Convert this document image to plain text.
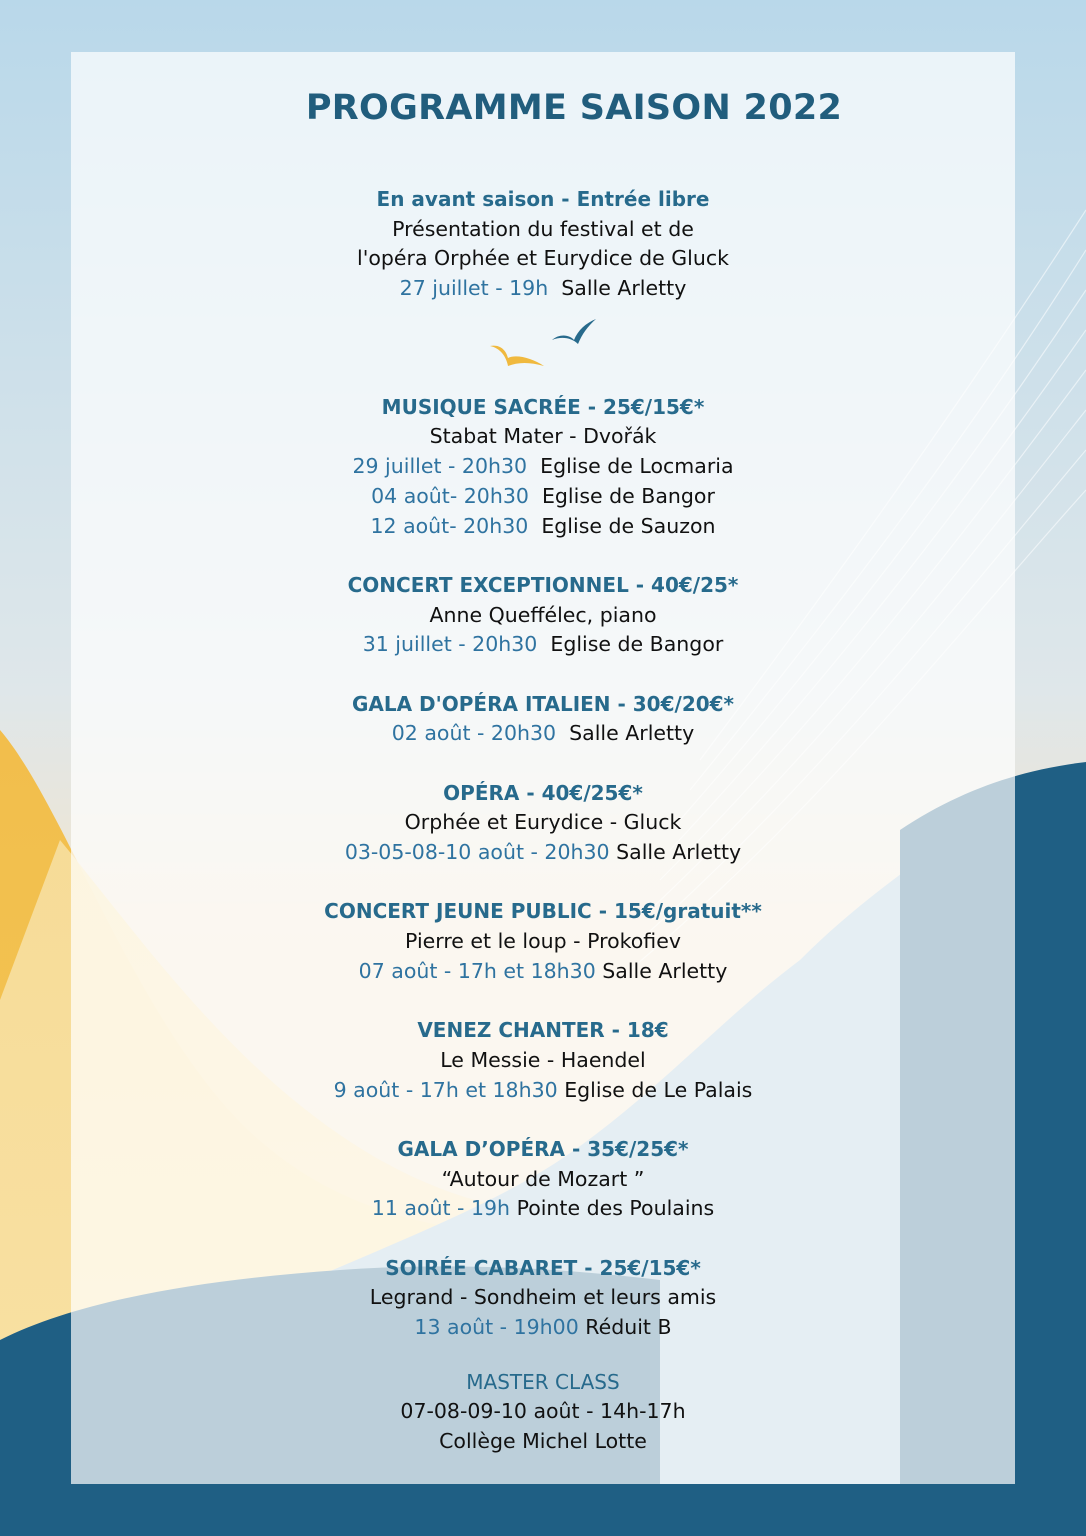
PROGRAMME SAISON 2022
En avant saison - Entrée libre
Présentation du festival et de
l'opéra Orphée et Eurydice de Gluck
27 juillet - 19h Salle Arletty
MUSIQUE SACRÉE - 25€/15€*
Stabat Mater - Dvořák
29 juillet - 20h30 Eglise de Locmaria
04 août- 20h30 Eglise de Bangor
12 août- 20h30 Eglise de Sauzon
CONCERT EXCEPTIONNEL - 40€/25*
Anne Queffélec, piano
31 juillet - 20h30 Eglise de Bangor
GALA D'OPÉRA ITALIEN - 30€/20€*
02 août - 20h30 Salle Arletty
OPÉRA - 40€/25€*
Orphée et Eurydice - Gluck
03-05-08-10 août - 20h30 Salle Arletty
CONCERT JEUNE PUBLIC - 15€/gratuit**
Pierre et le loup - Prokofiev
07 août - 17h et 18h30 Salle Arletty
VENEZ CHANTER - 18€
Le Messie - Haendel
9 août - 17h et 18h30 Eglise de Le Palais
GALA D’OPÉRA - 35€/25€*
“Autour de Mozart ”
11 août - 19h Pointe des Poulains
SOIRÉE CABARET - 25€/15€*
Legrand - Sondheim et leurs amis
13 août - 19h00 Réduit B
MASTER CLASS
07-08-09-10 août - 14h-17h
Collège Michel Lotte
